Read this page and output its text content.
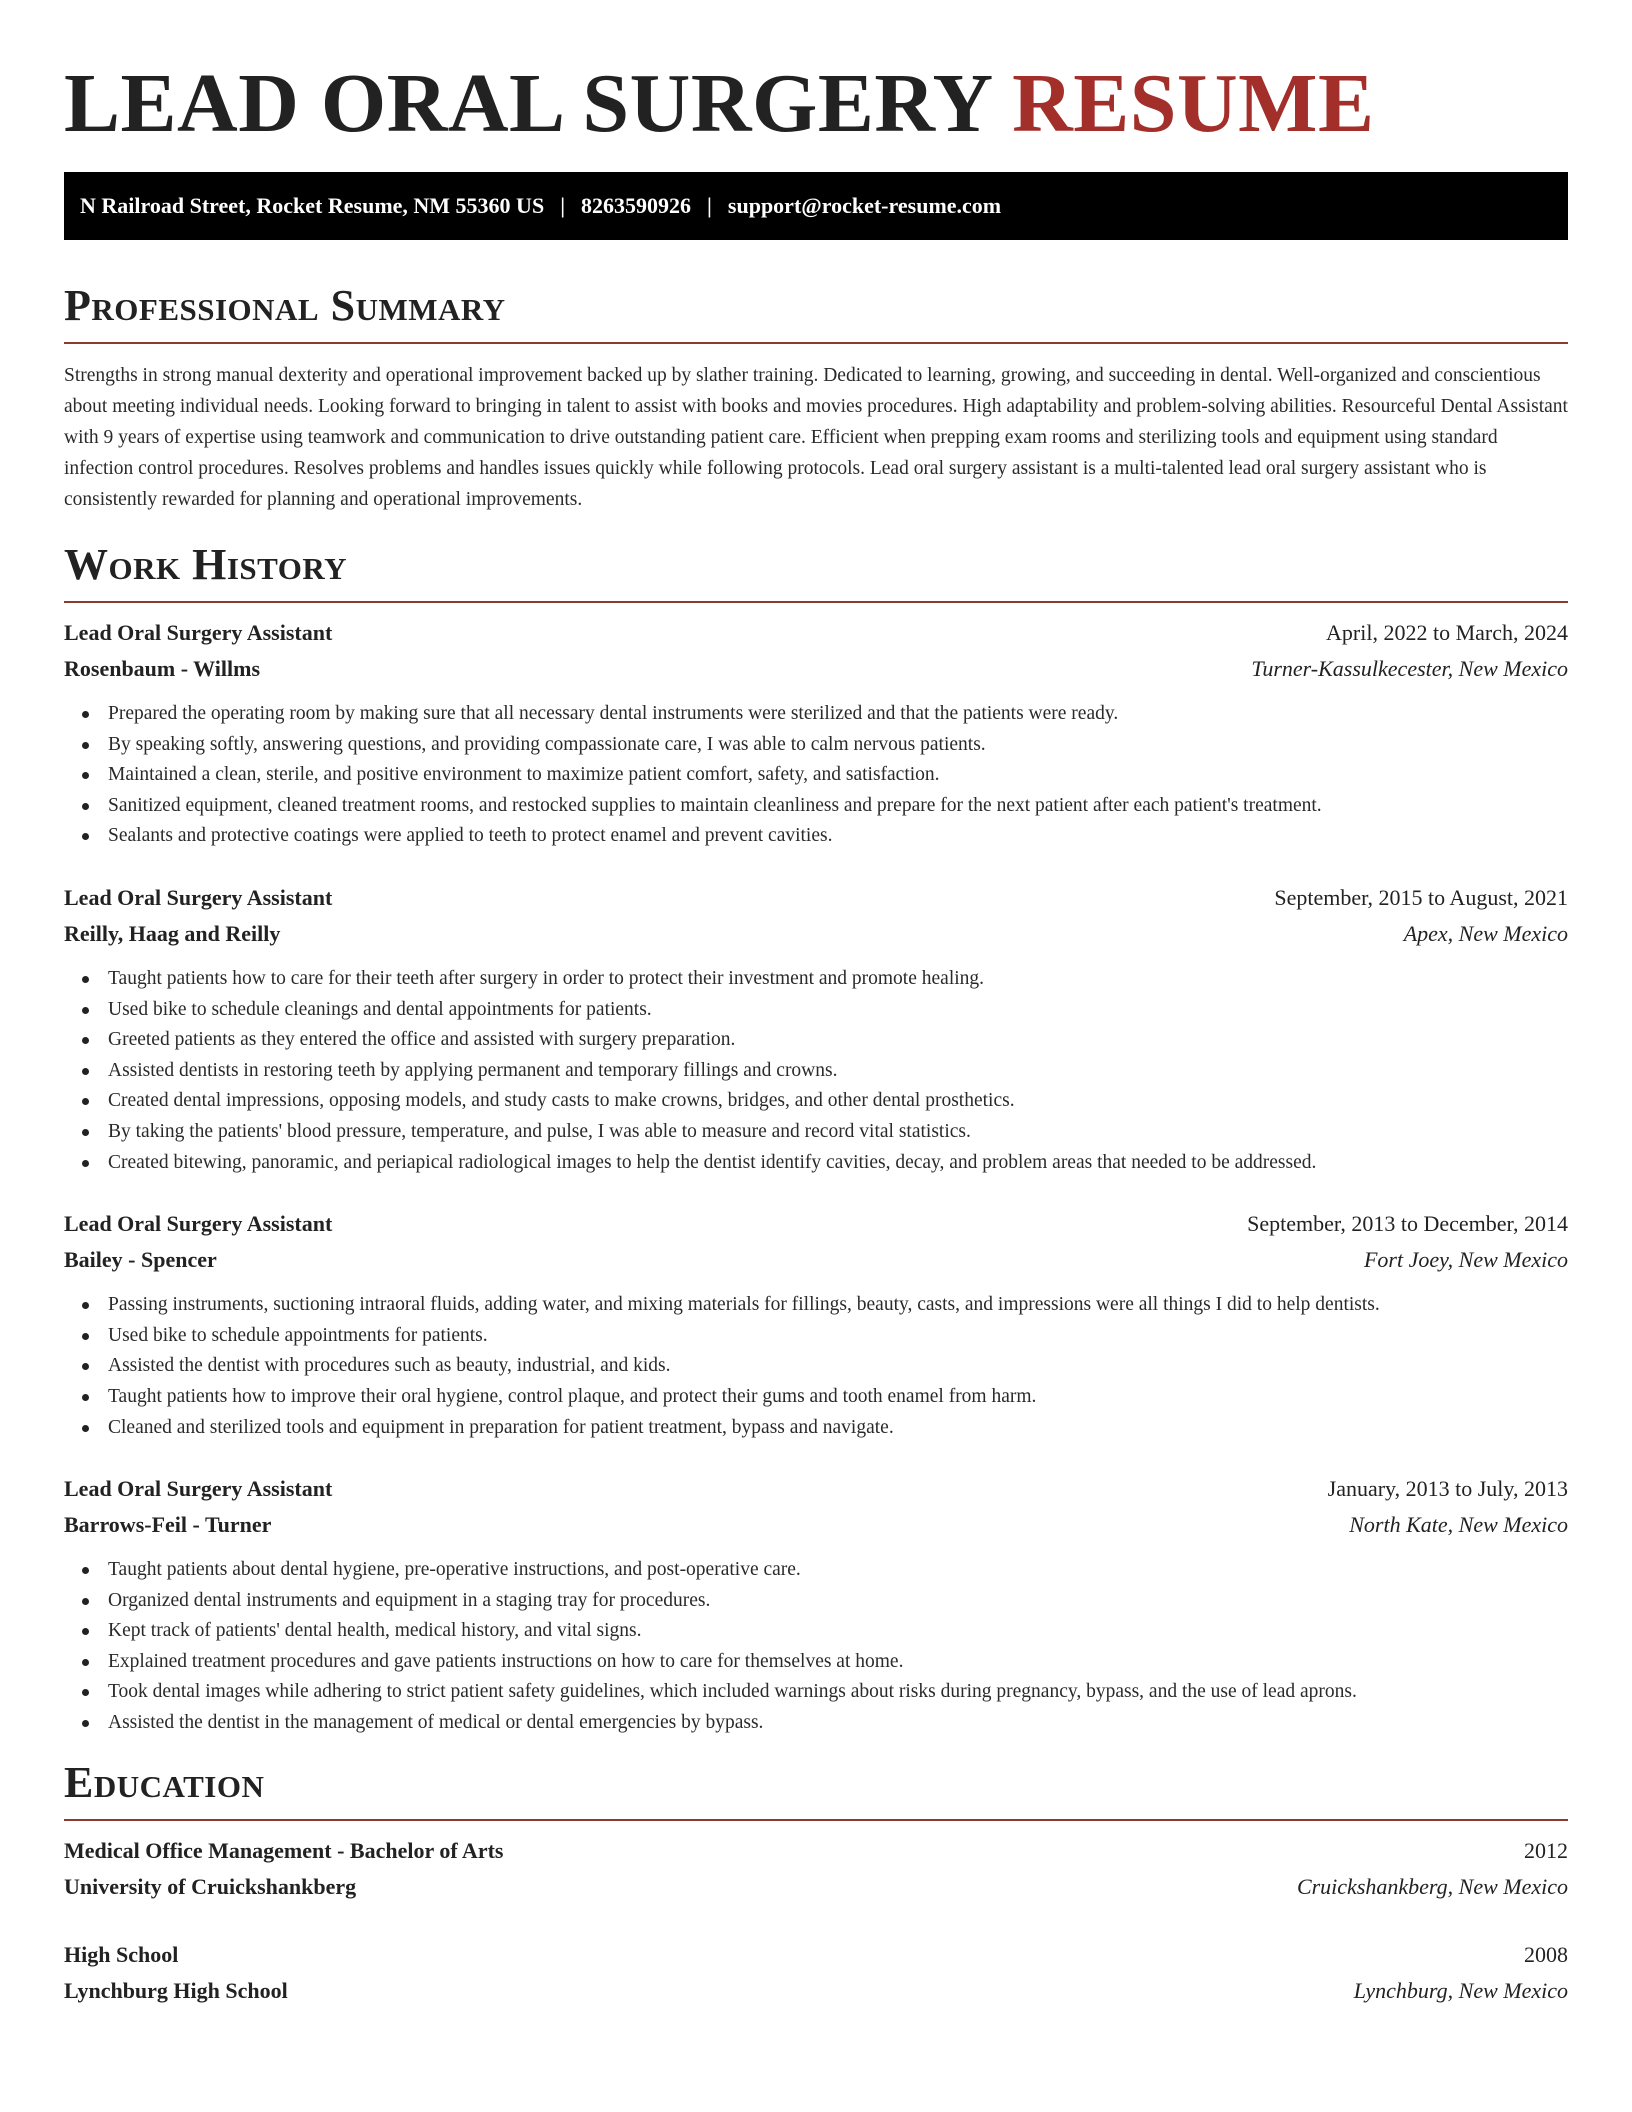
LEAD ORAL SURGERY RESUME
N Railroad Street, Rocket Resume, NM 55360 US | 8263590926 | support@rocket-resume.com
Professional Summary

Strengths in strong manual dexterity and operational improvement backed up by slather training. Dedicated to learning, growing, and succeeding in dental. Well-organized and conscientious about meeting individual needs. Looking forward to bringing in talent to assist with books and movies procedures. High adaptability and problem-solving abilities. Resourceful Dental Assistant with 9 years of expertise using teamwork and communication to drive outstanding patient care. Efficient when prepping exam rooms and sterilizing tools and equipment using standard infection control procedures. Resolves problems and handles issues quickly while following protocols. Lead oral surgery assistant is a multi-talented lead oral surgery assistant who is consistently rewarded for planning and operational improvements.

Work History
Lead Oral Surgery Assistant	April, 2022 to March, 2024
Rosenbaum - Willms	Turner-Kassulkecester, New Mexico
Prepared the operating room by making sure that all necessary dental instruments were sterilized and that the patients were ready.
By speaking softly, answering questions, and providing compassionate care, I was able to calm nervous patients.
Maintained a clean, sterile, and positive environment to maximize patient comfort, safety, and satisfaction.
Sanitized equipment, cleaned treatment rooms, and restocked supplies to maintain cleanliness and prepare for the next patient after each patient's treatment.
Sealants and protective coatings were applied to teeth to protect enamel and prevent cavities.
Lead Oral Surgery Assistant	September, 2015 to August, 2021
Reilly, Haag and Reilly	Apex, New Mexico
Taught patients how to care for their teeth after surgery in order to protect their investment and promote healing.
Used bike to schedule cleanings and dental appointments for patients.
Greeted patients as they entered the office and assisted with surgery preparation.
Assisted dentists in restoring teeth by applying permanent and temporary fillings and crowns.
Created dental impressions, opposing models, and study casts to make crowns, bridges, and other dental prosthetics.
By taking the patients' blood pressure, temperature, and pulse, I was able to measure and record vital statistics.
Created bitewing, panoramic, and periapical radiological images to help the dentist identify cavities, decay, and problem areas that needed to be addressed.
Lead Oral Surgery Assistant	September, 2013 to December, 2014
Bailey - Spencer	Fort Joey, New Mexico
Passing instruments, suctioning intraoral fluids, adding water, and mixing materials for fillings, beauty, casts, and impressions were all things I did to help dentists.
Used bike to schedule appointments for patients.
Assisted the dentist with procedures such as beauty, industrial, and kids.
Taught patients how to improve their oral hygiene, control plaque, and protect their gums and tooth enamel from harm.
Cleaned and sterilized tools and equipment in preparation for patient treatment, bypass and navigate.
Lead Oral Surgery Assistant	January, 2013 to July, 2013
Barrows-Feil - Turner	North Kate, New Mexico
Taught patients about dental hygiene, pre-operative instructions, and post-operative care.
Organized dental instruments and equipment in a staging tray for procedures.
Kept track of patients' dental health, medical history, and vital signs.
Explained treatment procedures and gave patients instructions on how to care for themselves at home.
Took dental images while adhering to strict patient safety guidelines, which included warnings about risks during pregnancy, bypass, and the use of lead aprons.
Assisted the dentist in the management of medical or dental emergencies by bypass.
Education
Medical Office Management - Bachelor of Arts	2012
University of Cruickshankberg	Cruickshankberg, New Mexico
High School	2008
Lynchburg High School	Lynchburg, New Mexico
